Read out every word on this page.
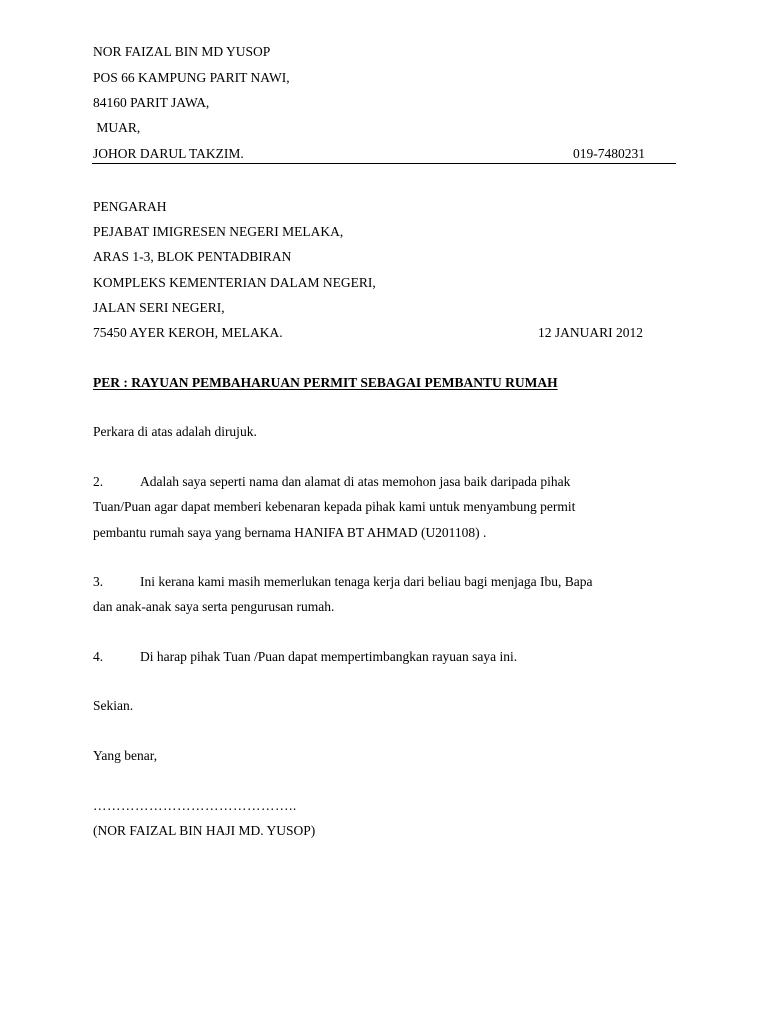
NOR FAIZAL BIN MD YUSOP
POS 66 KAMPUNG PARIT NAWI,
84160 PARIT JAWA,
MUAR,
JOHOR DARUL TAKZIM.	019-7480231
PENGARAH
PEJABAT IMIGRESEN NEGERI MELAKA,
ARAS 1-3, BLOK PENTADBIRAN
KOMPLEKS KEMENTERIAN DALAM NEGERI,
JALAN SERI NEGERI,
75450 AYER KEROH, MELAKA.	12 JANUARI 2012
PER : RAYUAN PEMBAHARUAN PERMIT SEBAGAI PEMBANTU RUMAH
Perkara di atas adalah dirujuk.
2.	Adalah saya seperti nama dan alamat di atas memohon jasa baik daripada pihak
Tuan/Puan agar dapat memberi kebenaran kepada pihak kami untuk menyambung permit
pembantu rumah saya yang bernama HANIFA BT AHMAD (U201108) .
3.	Ini kerana kami masih memerlukan tenaga kerja dari beliau bagi menjaga Ibu, Bapa
dan anak-anak saya serta pengurusan rumah.
4.	Di harap pihak Tuan /Puan dapat mempertimbangkan rayuan saya ini.
Sekian.
Yang benar,
……………………………………..
(NOR FAIZAL BIN HAJI MD. YUSOP)
